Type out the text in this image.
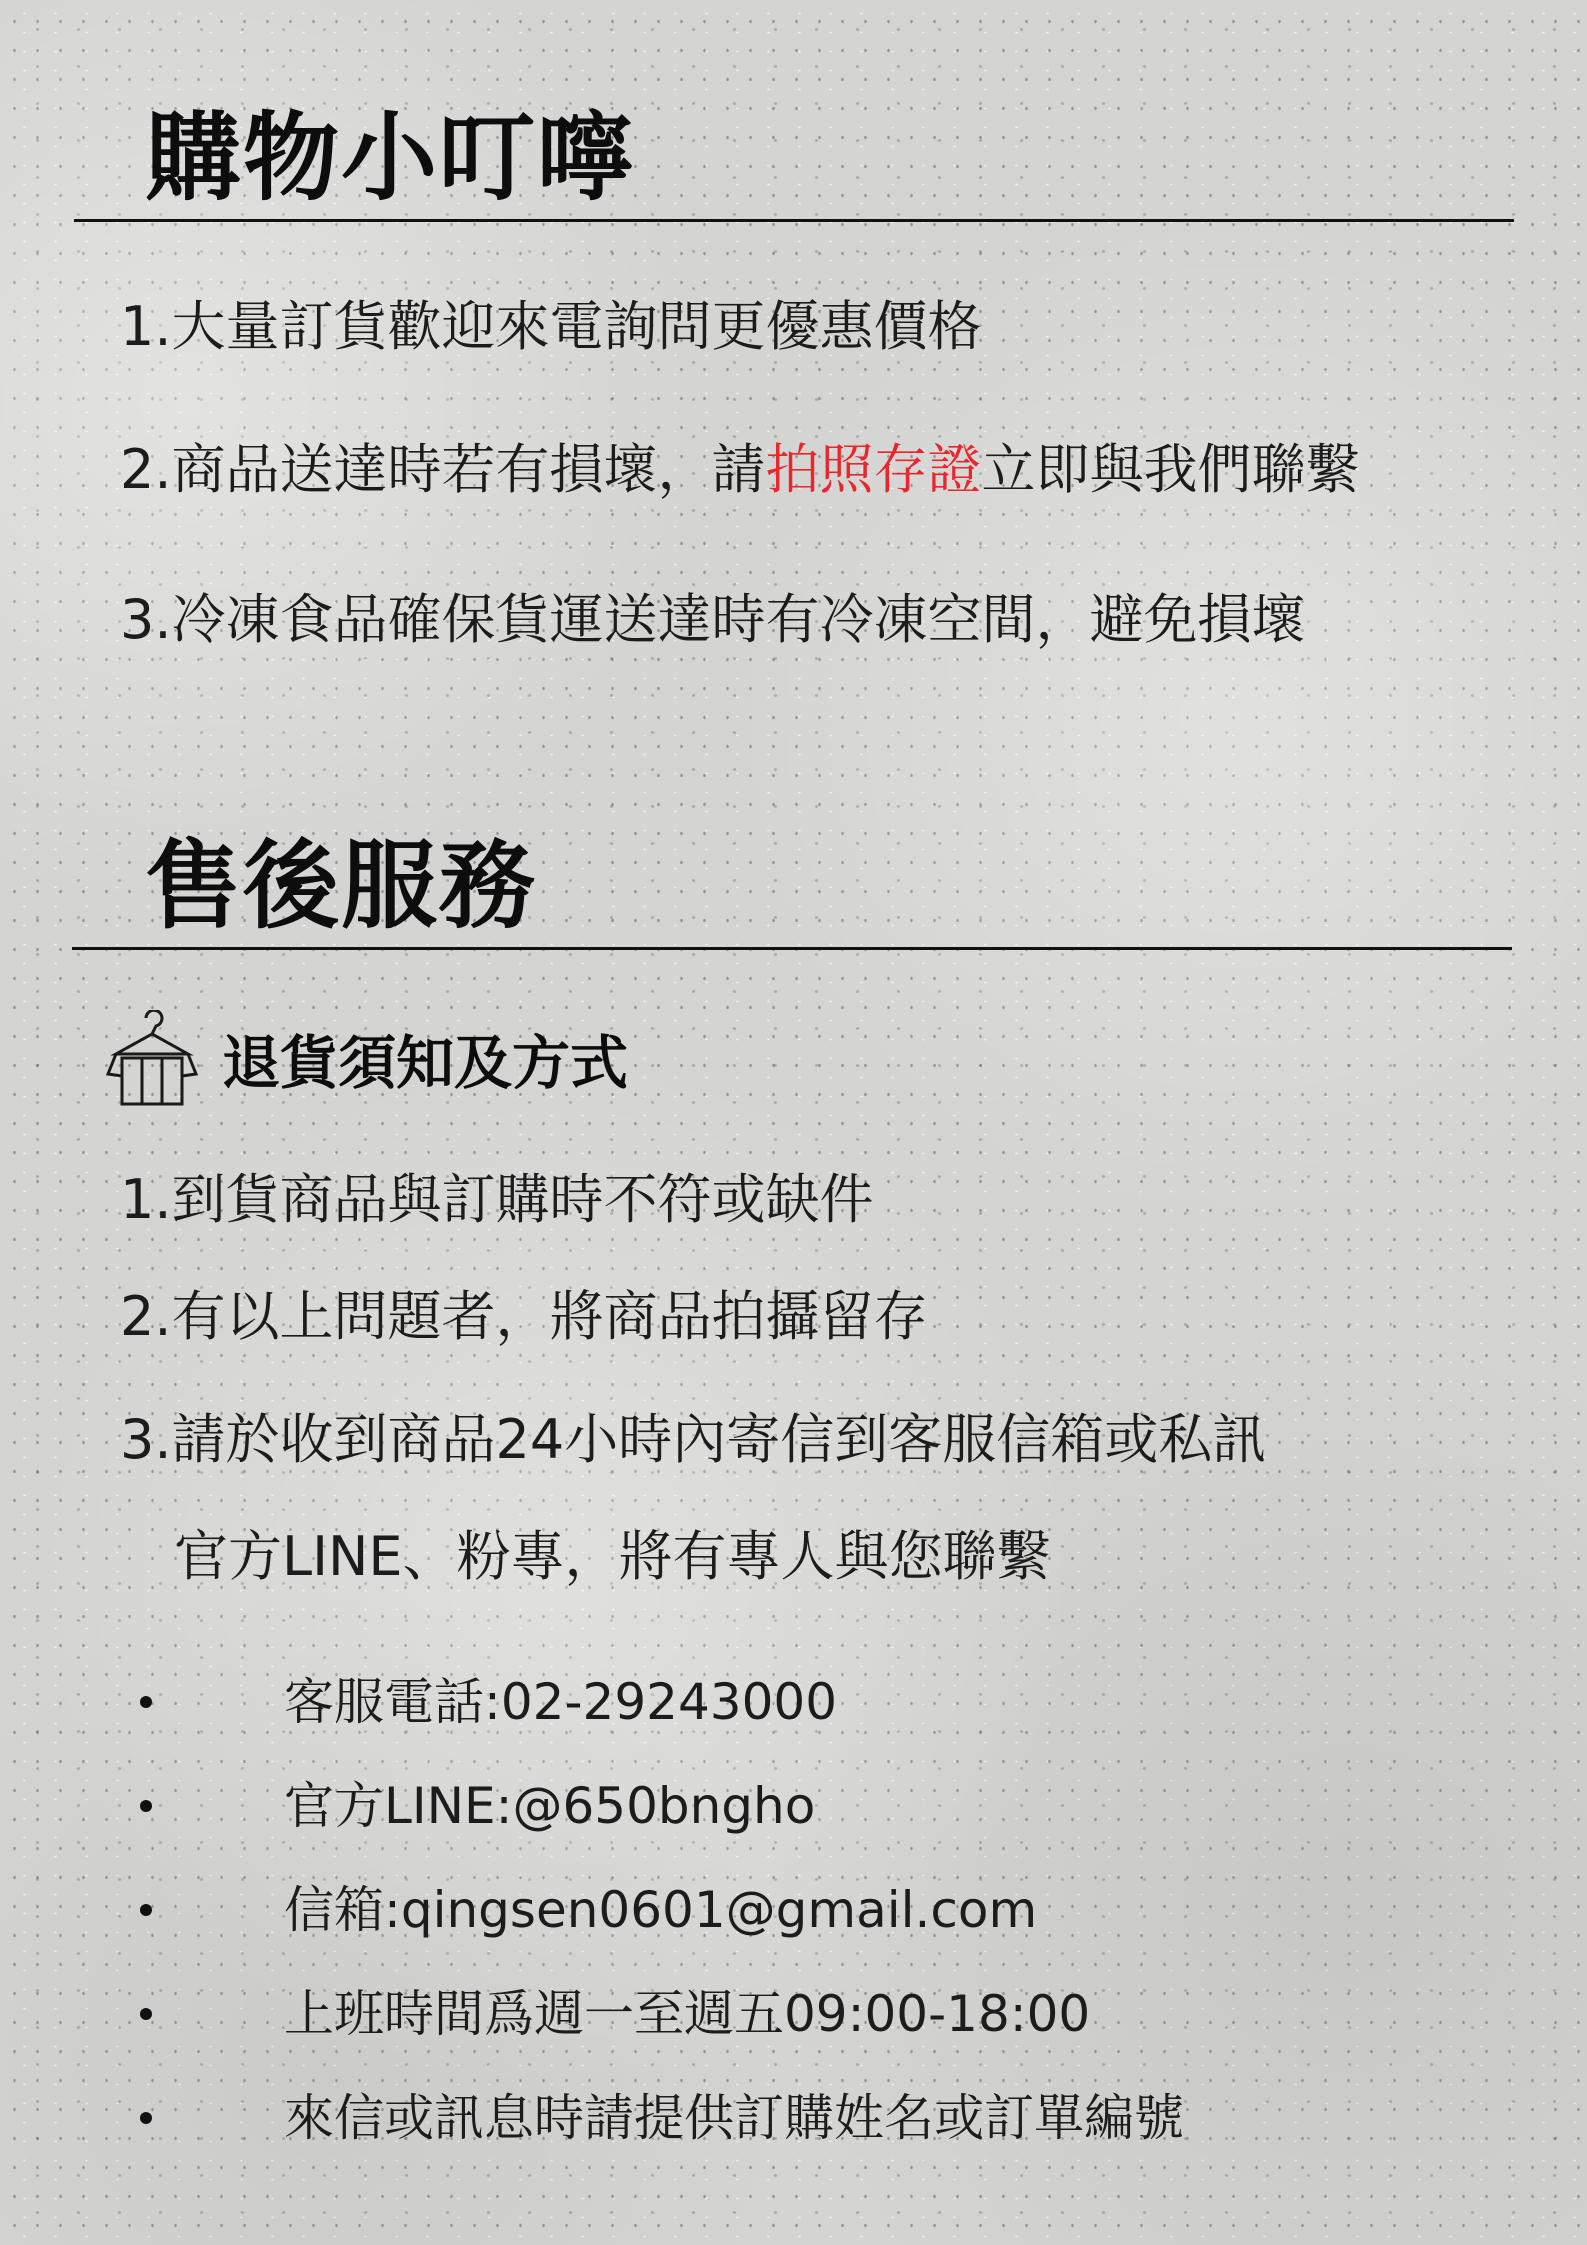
購物小叮嚀
1.大量訂貨歡迎來電詢問更優惠價格
2.商品送達時若有損壞，請拍照存證立即與我們聯繫
3.冷凍食品確保貨運送達時有冷凍空間，避免損壞
售後服務
退貨須知及方式
1.到貨商品與訂購時不符或缺件
2.有以上問題者，將商品拍攝留存
3.請於收到商品24小時內寄信到客服信箱或私訊
官方LINE、粉專，將有專人與您聯繫
客服電話:02-29243000
官方LINE:@650bngho
信箱:qingsen0601@gmail.com
上班時間爲週一至週五09:00-18:00
來信或訊息時請提供訂購姓名或訂單編號
